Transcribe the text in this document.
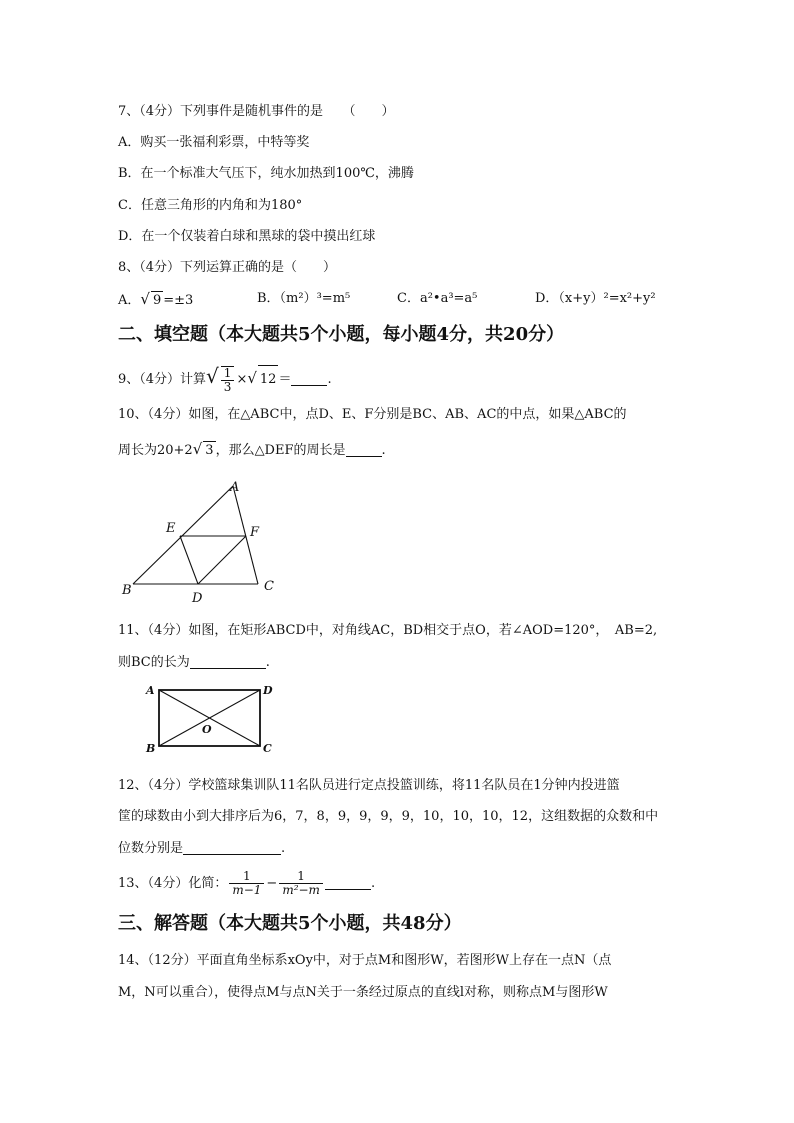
7、（4分）下列事件是随机事件的是　　（　　）
A．购买一张福利彩票，中特等奖
B．在一个标准大气压下，纯水加热到100℃，沸腾
C．任意三角形的内角和为180°
D．在一个仅装着白球和黑球的袋中摸出红球
8、（4分）下列运算正确的是（　　）
A．√ 9 =±3	B．（m²）³=m⁵	C．a²•a³=a⁵	D．（x+y）²=x²+y²
二、填空题（本大题共5个小题，每小题4分，共20分）
9、（4分）计算√ $\frac{1}{3}$ ×√ 12 ＝	.
10、（4分）如图，在△ABC中，点D、E、F分别是BC、AB、AC的中点，如果△ABC的
周长为20+2√ 3 ，那么△DEF的周长是	.
A
B	C
D
E	F
11、（4分）如图，在矩形ABCD中，对角线AC，BD相交于点O，若∠AOD=120°，　AB=2,
则BC的长为	.
A
B	C
D
O
12、（4分）学校篮球集训队11名队员进行定点投篮训练，将11名队员在1分钟内投进篮
筐的球数由小到大排序后为6，7，8，9，9，9，9，10，10，10，12，这组数据的众数和中
位数分别是	.
13、（4分）化简： $\frac{1}{m-1} - \frac{1}{\text{m²−m}}$	.
三、解答题（本大题共5个小题，共48分）
14、（12分）平面直角坐标系xOy中，对于点M和图形W，若图形W上存在一点N（点
M，N可以重合），使得点M与点N关于一条经过原点的直线l对称，则称点M与图形W
